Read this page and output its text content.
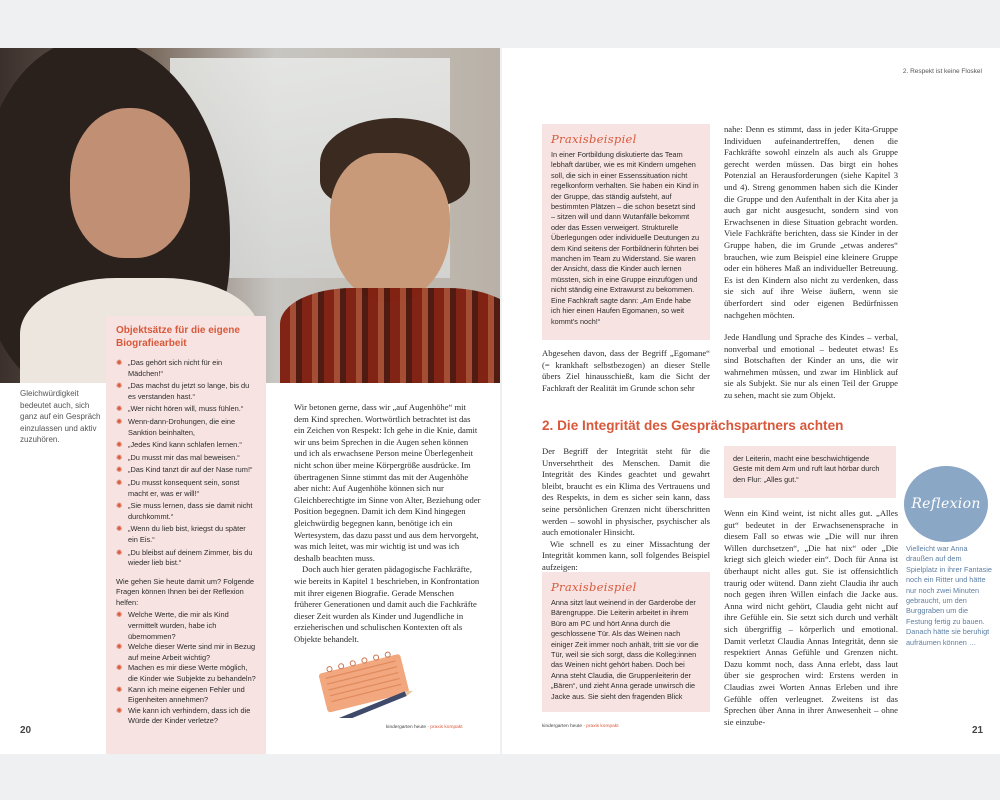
Gleichwürdigkeit bedeutet auch, sich ganz auf ein Gespräch einzulassen und aktiv zuzuhören.
Objektsätze für die eigene Biografiearbeit
✺ „Das gehört sich nicht für ein Mädchen!“
✺ „Das machst du jetzt so lange, bis du es verstanden hast.“
✺ „Wer nicht hören will, muss fühlen.“
✺ Wenn-dann-Drohungen, die eine Sanktion beinhalten,
✺ „Jedes Kind kann schlafen lernen.“
✺ „Du musst mir das mal beweisen.“
✺ „Das Kind tanzt dir auf der Nase rum!“
✺ „Du musst konsequent sein, sonst macht er, was er will!“
✺ „Sie muss lernen, dass sie damit nicht durchkommt.“
✺ „Wenn du lieb bist, kriegst du später ein Eis.“
✺ „Du bleibst auf deinem Zimmer, bis du wieder lieb bist.“

Wie gehen Sie heute damit um? Folgende Fragen können Ihnen bei der Reflexion helfen:

✺ Welche Werte, die mir als Kind vermittelt wurden, habe ich übernommen?
✺ Welche dieser Werte sind mir in Bezug auf meine Arbeit wichtig?
✺ Machen es mir diese Werte möglich, die Kinder wie Subjekte zu behandeln?
✺ Kann ich meine eigenen Fehler und Eigenheiten annehmen?
✺ Wie kann ich verhindern, dass ich die Würde der Kinder verletze?

Wir betonen gerne, dass wir „auf Augenhöhe“ mit dem Kind sprechen. Wortwörtlich betrachtet ist das ein Zeichen von Respekt: Ich gehe in die Knie, damit wir uns beim Sprechen in die Augen sehen können und ich als erwachsene Person meine Überlegenheit nicht schon über meine Körpergröße ausdrücke. Im übertragenen Sinne stimmt das mit der Augenhöhe aber nicht: Auf Augenhöhe können sich nur Gleichberechtigte im Sinne von Alter, Beziehung oder Position begegnen. Damit ich dem Kind hingegen gleichwürdig begegnen kann, benötige ich ein Wertesystem, das dazu passt und aus dem hervorgeht, was mich leitet, was mir wichtig ist und was ich deshalb beachten muss.

Doch auch hier geraten pädagogische Fachkräfte, wie bereits in Kapitel 1 beschrieben, in Konfrontation mit ihrer eigenen Biografie. Gerade Menschen früherer Generationen und damit auch die Fachkräfte dieser Zeit wurden als Kinder und Jugendliche in erzieherischen und schulischen Kontexten oft als Objekte behandelt.

kindergarten heute · praxis kompakt
20
2. Respekt ist keine Floskel
Praxisbeispiel
In einer Fortbildung diskutierte das Team lebhaft darüber, wie es mit Kindern umgehen soll, die sich in einer Essenssituation nicht regelkonform verhalten. Sie haben ein Kind in der Gruppe, das ständig aufsteht, auf bestimmten Plätzen – die schon besetzt sind – sitzen will und dann Wutanfälle bekommt oder das Essen verweigert. Strukturelle Überlegungen oder individuelle Deutungen zu dem Kind seitens der Fortbildnerin führten bei manchen im Team zu Widerstand. Sie waren der Ansicht, dass die Kinder auch lernen müssten, sich in eine Gruppe einzufügen und nicht ständig eine Extrawurst zu bekommen. Eine Fachkraft sagte dann: „Am Ende habe ich hier einen Haufen Egomanen, so weit kommt's noch!“
Abgesehen davon, dass der Begriff „Egomane“ (= krankhaft selbstbezogen) an dieser Stelle übers Ziel hinausschießt, kam die Sicht der Fachkraft der Realität im Grunde schon sehr

nahe: Denn es stimmt, dass in jeder Kita-Gruppe Individuen aufeinandertreffen, denen die Fachkräfte sowohl einzeln als auch als Gruppe gerecht werden müssen. Das birgt ein hohes Potenzial an Herausforderungen (siehe Kapitel 3 und 4). Streng genommen haben sich die Kinder die Gruppe und den Aufenthalt in der Kita aber ja auch gar nicht ausgesucht, sondern sind von Erwachsenen in diese Situation gebracht worden. Viele Fachkräfte berichten, dass sie Kinder in der Gruppe haben, die im Grunde „etwas anderes“ brauchen, wie zum Beispiel eine kleinere Gruppe oder ein höheres Maß an individueller Betreuung. Es ist den Kindern also nicht zu verdenken, dass sie sich auf ihre Weise äußern, wenn sie überfordert sind oder eigenen Bedürfnissen nachgehen möchten.

Jede Handlung und Sprache des Kindes – verbal, nonverbal und emotional – bedeutet etwas! Es sind Botschaften der Kinder an uns, die wir wahrnehmen müssen, und zwar im Hinblick auf sie als Subjekt. Sie nur als einen Teil der Gruppe zu sehen, macht sie zum Objekt.

2. Die Integrität des Gesprächspartners achten

Der Begriff der Integrität steht für die Unversehrtheit des Menschen. Damit die Integrität des Kindes geachtet und gewahrt bleibt, braucht es ein Klima des Vertrauens und des Respekts, in dem es sicher sein kann, dass seine persönlichen Grenzen nicht überschritten werden – sowohl in physischer, psychischer als auch emotionaler Hinsicht.

Wie schnell es zu einer Missachtung der Integrität kommen kann, soll folgendes Beispiel aufzeigen:

Praxisbeispiel
Anna sitzt laut weinend in der Garderobe der Bärengruppe. Die Leiterin arbeitet in ihrem Büro am PC und hört Anna durch die geschlossene Tür. Als das Weinen nach einiger Zeit immer noch anhält, tritt sie vor die Tür, weil sie sich sorgt, dass die Kolleg:innen das Weinen nicht gehört haben. Doch bei Anna steht Claudia, die Gruppenleiterin der „Bären“, und zieht Anna gerade unwirsch die Jacke aus. Sie sieht den fragenden Blick
der Leiterin, macht eine beschwichtigende Geste mit dem Arm und ruft laut hörbar durch den Flur: „Alles gut.“
Wenn ein Kind weint, ist nicht alles gut. „Alles gut“ bedeutet in der Erwachsenensprache in diesem Fall so etwas wie „Die will nur ihren Willen durchsetzen“, „Die hat nix“ oder „Die kriegt sich gleich wieder ein“. Doch für Anna ist überhaupt nicht alles gut. Sie ist offensichtlich traurig oder wütend. Dann zieht Claudia ihr auch noch gegen ihren Willen einfach die Jacke aus. Anna wird nicht gehört, Claudia geht nicht auf ihre Gefühle ein. Sie setzt sich durch und verhält sich übergriffig – körperlich und emotional. Damit verletzt Claudia Annas Integrität, denn sie respektiert Annas Gefühle und Grenzen nicht. Dazu kommt noch, dass Anna erlebt, dass laut über sie gesprochen wird: Erstens werden in Claudias zwei Worten Annas Erleben und ihre Gefühle offen verleugnet. Zweitens ist das Sprechen über Anna in ihrer Anwesenheit – ohne sie einzube-
Reflexion
Vielleicht war Anna draußen auf dem Spielplatz in ihrer Fantasie noch ein Ritter und hätte nur noch zwei Minuten gebraucht, um den Burggraben um die Festung fertig zu bauen. Danach hätte sie beruhigt aufräumen können …
kindergarten heute · praxis kompakt	21
